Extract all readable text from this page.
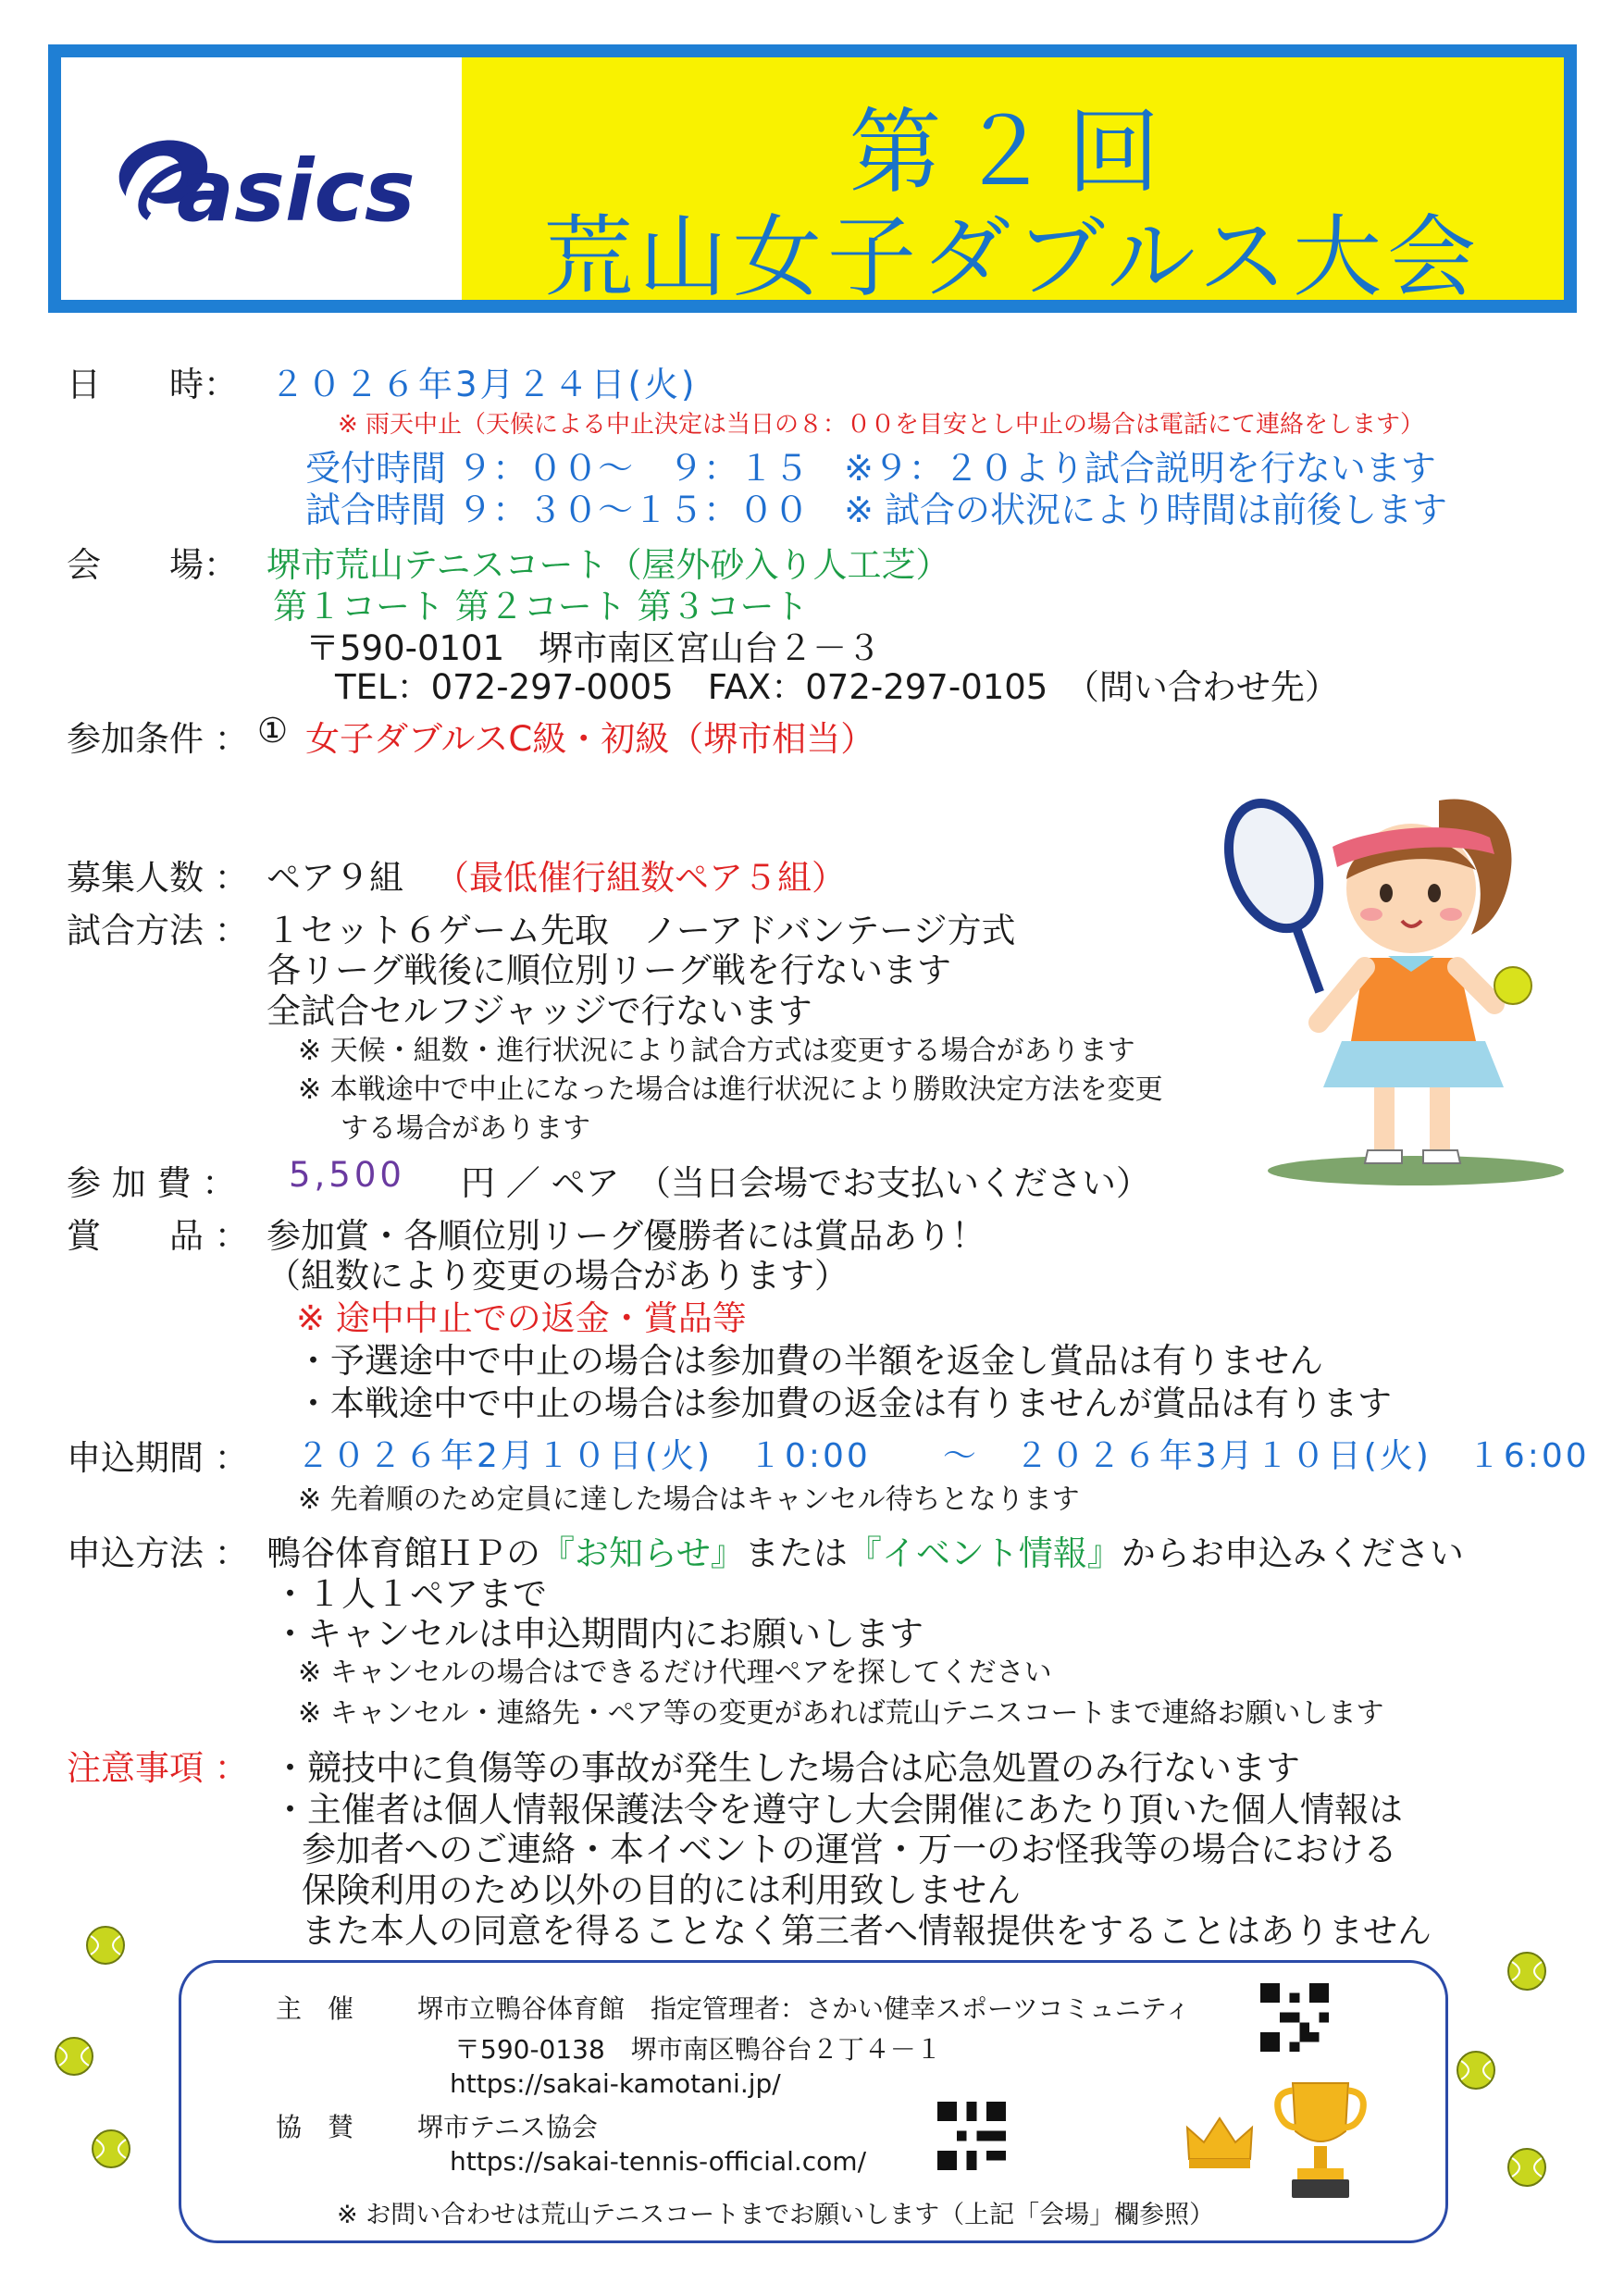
asics	第２回
荒山女子ダブルス大会
日　　時： ２０２６年3月２４日(火)
※ 雨天中止（天候による中止決定は当日の８：００を目安とし中止の場合は電話にて連絡をします）
受付時間 ９：００～　９：１５　※９：２０より試合説明を行ないます
試合時間 ９：３０～１５：００　※ 試合の状況により時間は前後します
会　　場： 堺市荒山テニスコート（屋外砂入り人工芝）
第１コート 第２コート 第３コート
〒590-0101　堺市南区宮山台２－３
TEL：072-297-0005　FAX：072-297-0105　（問い合わせ先）
参加条件 ： ① 女子ダブルスC級・初級（堺市相当）
募集人数 ： ペア９組 （最低催行組数ペア５組）
試合方法 ： １セット６ゲーム先取　ノーアドバンテージ方式
各リーグ戦後に順位別リーグ戦を行ないます
全試合セルフジャッジで行ないます
※ 天候・組数・進行状況により試合方式は変更する場合があります
※ 本戦途中で中止になった場合は進行状況により勝敗決定方法を変更
する場合があります
参 加 費 ： 5,500 円 ／ ペア　（当日会場でお支払いください）
賞　　品 ： 参加賞・各順位別リーグ優勝者には賞品あり！
（組数により変更の場合があります）
※ 途中中止での返金・賞品等
・予選途中で中止の場合は参加費の半額を返金し賞品は有りません
・本戦途中で中止の場合は参加費の返金は有りませんが賞品は有ります
申込期間 ： ２０２６年2月１０日(火)　１0:00　　～　２０２６年3月１０日(火)　１6:00
※ 先着順のため定員に達した場合はキャンセル待ちとなります
申込方法 ： 鴨谷体育館ＨＰの『お知らせ』または『イベント情報』からお申込みください
・１人１ペアまで
・キャンセルは申込期間内にお願いします
※ キャンセルの場合はできるだけ代理ペアを探してください
※ キャンセル・連絡先・ペア等の変更があれば荒山テニスコートまで連絡お願いします
注意事項 ： ・競技中に負傷等の事故が発生した場合は応急処置のみ行ないます
・主催者は個人情報保護法令を遵守し大会開催にあたり頂いた個人情報は
参加者へのご連絡・本イベントの運営・万一のお怪我等の場合における
保険利用のため以外の目的には利用致しません
また本人の同意を得ることなく第三者へ情報提供をすることはありません
主　催 堺市立鴨谷体育館　指定管理者：さかい健幸スポーツコミュニティ
〒590-0138　堺市南区鴨谷台２丁４－１
https://sakai-kamotani.jp/
協　賛 堺市テニス協会
https://sakai-tennis-official.com/
※ お問い合わせは荒山テニスコートまでお願いします（上記「会場」欄参照）
